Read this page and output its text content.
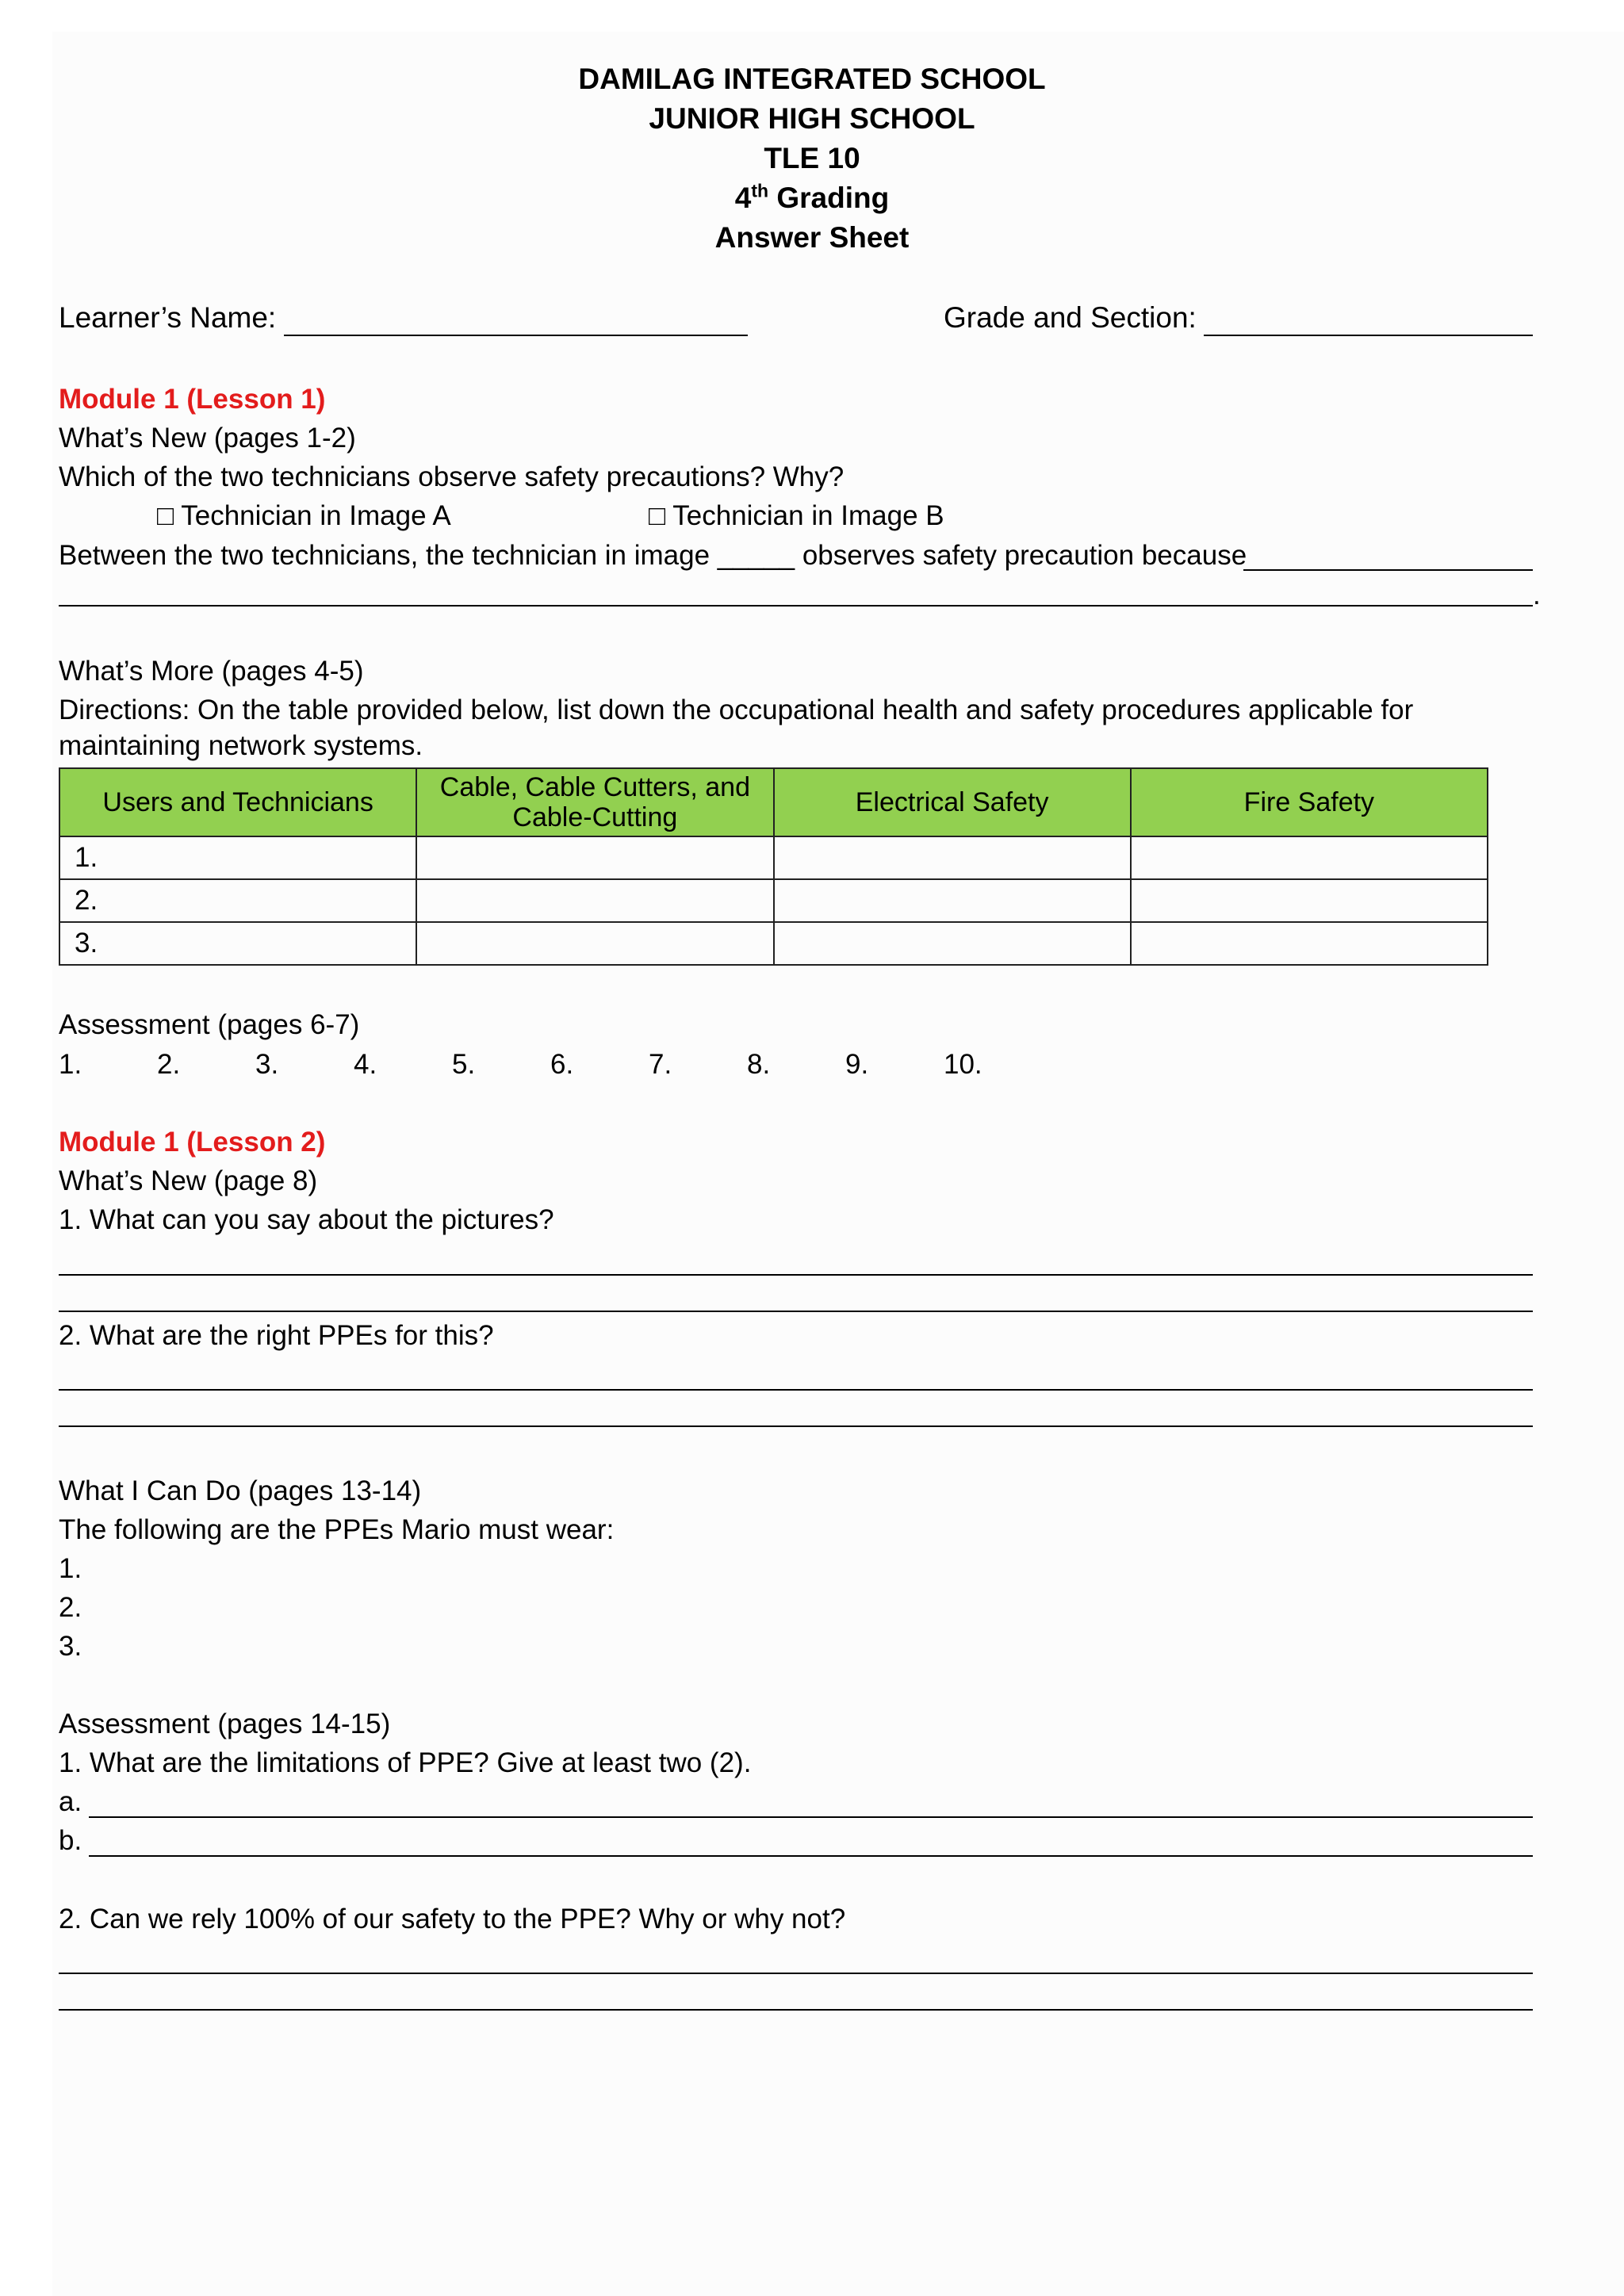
DAMILAG INTEGRATED SCHOOL
JUNIOR HIGH SCHOOL
TLE 10
4th Grading
Answer Sheet
Learner’s Name:	Grade and Section:
Module 1 (Lesson 1)
What’s New (pages 1-2)
Which of the two technicians observe safety precautions? Why?
□ Technician in Image A	□ Technician in Image B
Between the two technicians, the technician in image _____ observes safety precaution because
.
What’s More (pages 4-5)
Directions: On the table provided below, list down the occupational health and safety procedures applicable for
maintaining network systems.
Users and Technicians	Cable, Cable Cutters, and Cable-Cutting	Electrical Safety	Fire Safety
1.			
2.			
3.			
Assessment (pages 6-7)
1.	2.	3.	4.	5.	6.	7.	8.	9.	10.
Module 1 (Lesson 2)
What’s New (page 8)
1. What can you say about the pictures?
2. What are the right PPEs for this?
What I Can Do (pages 13-14)
The following are the PPEs Mario must wear:
1.
2.
3.
Assessment (pages 14-15)
1. What are the limitations of PPE? Give at least two (2).
a.
b.
2. Can we rely 100% of our safety to the PPE? Why or why not?
